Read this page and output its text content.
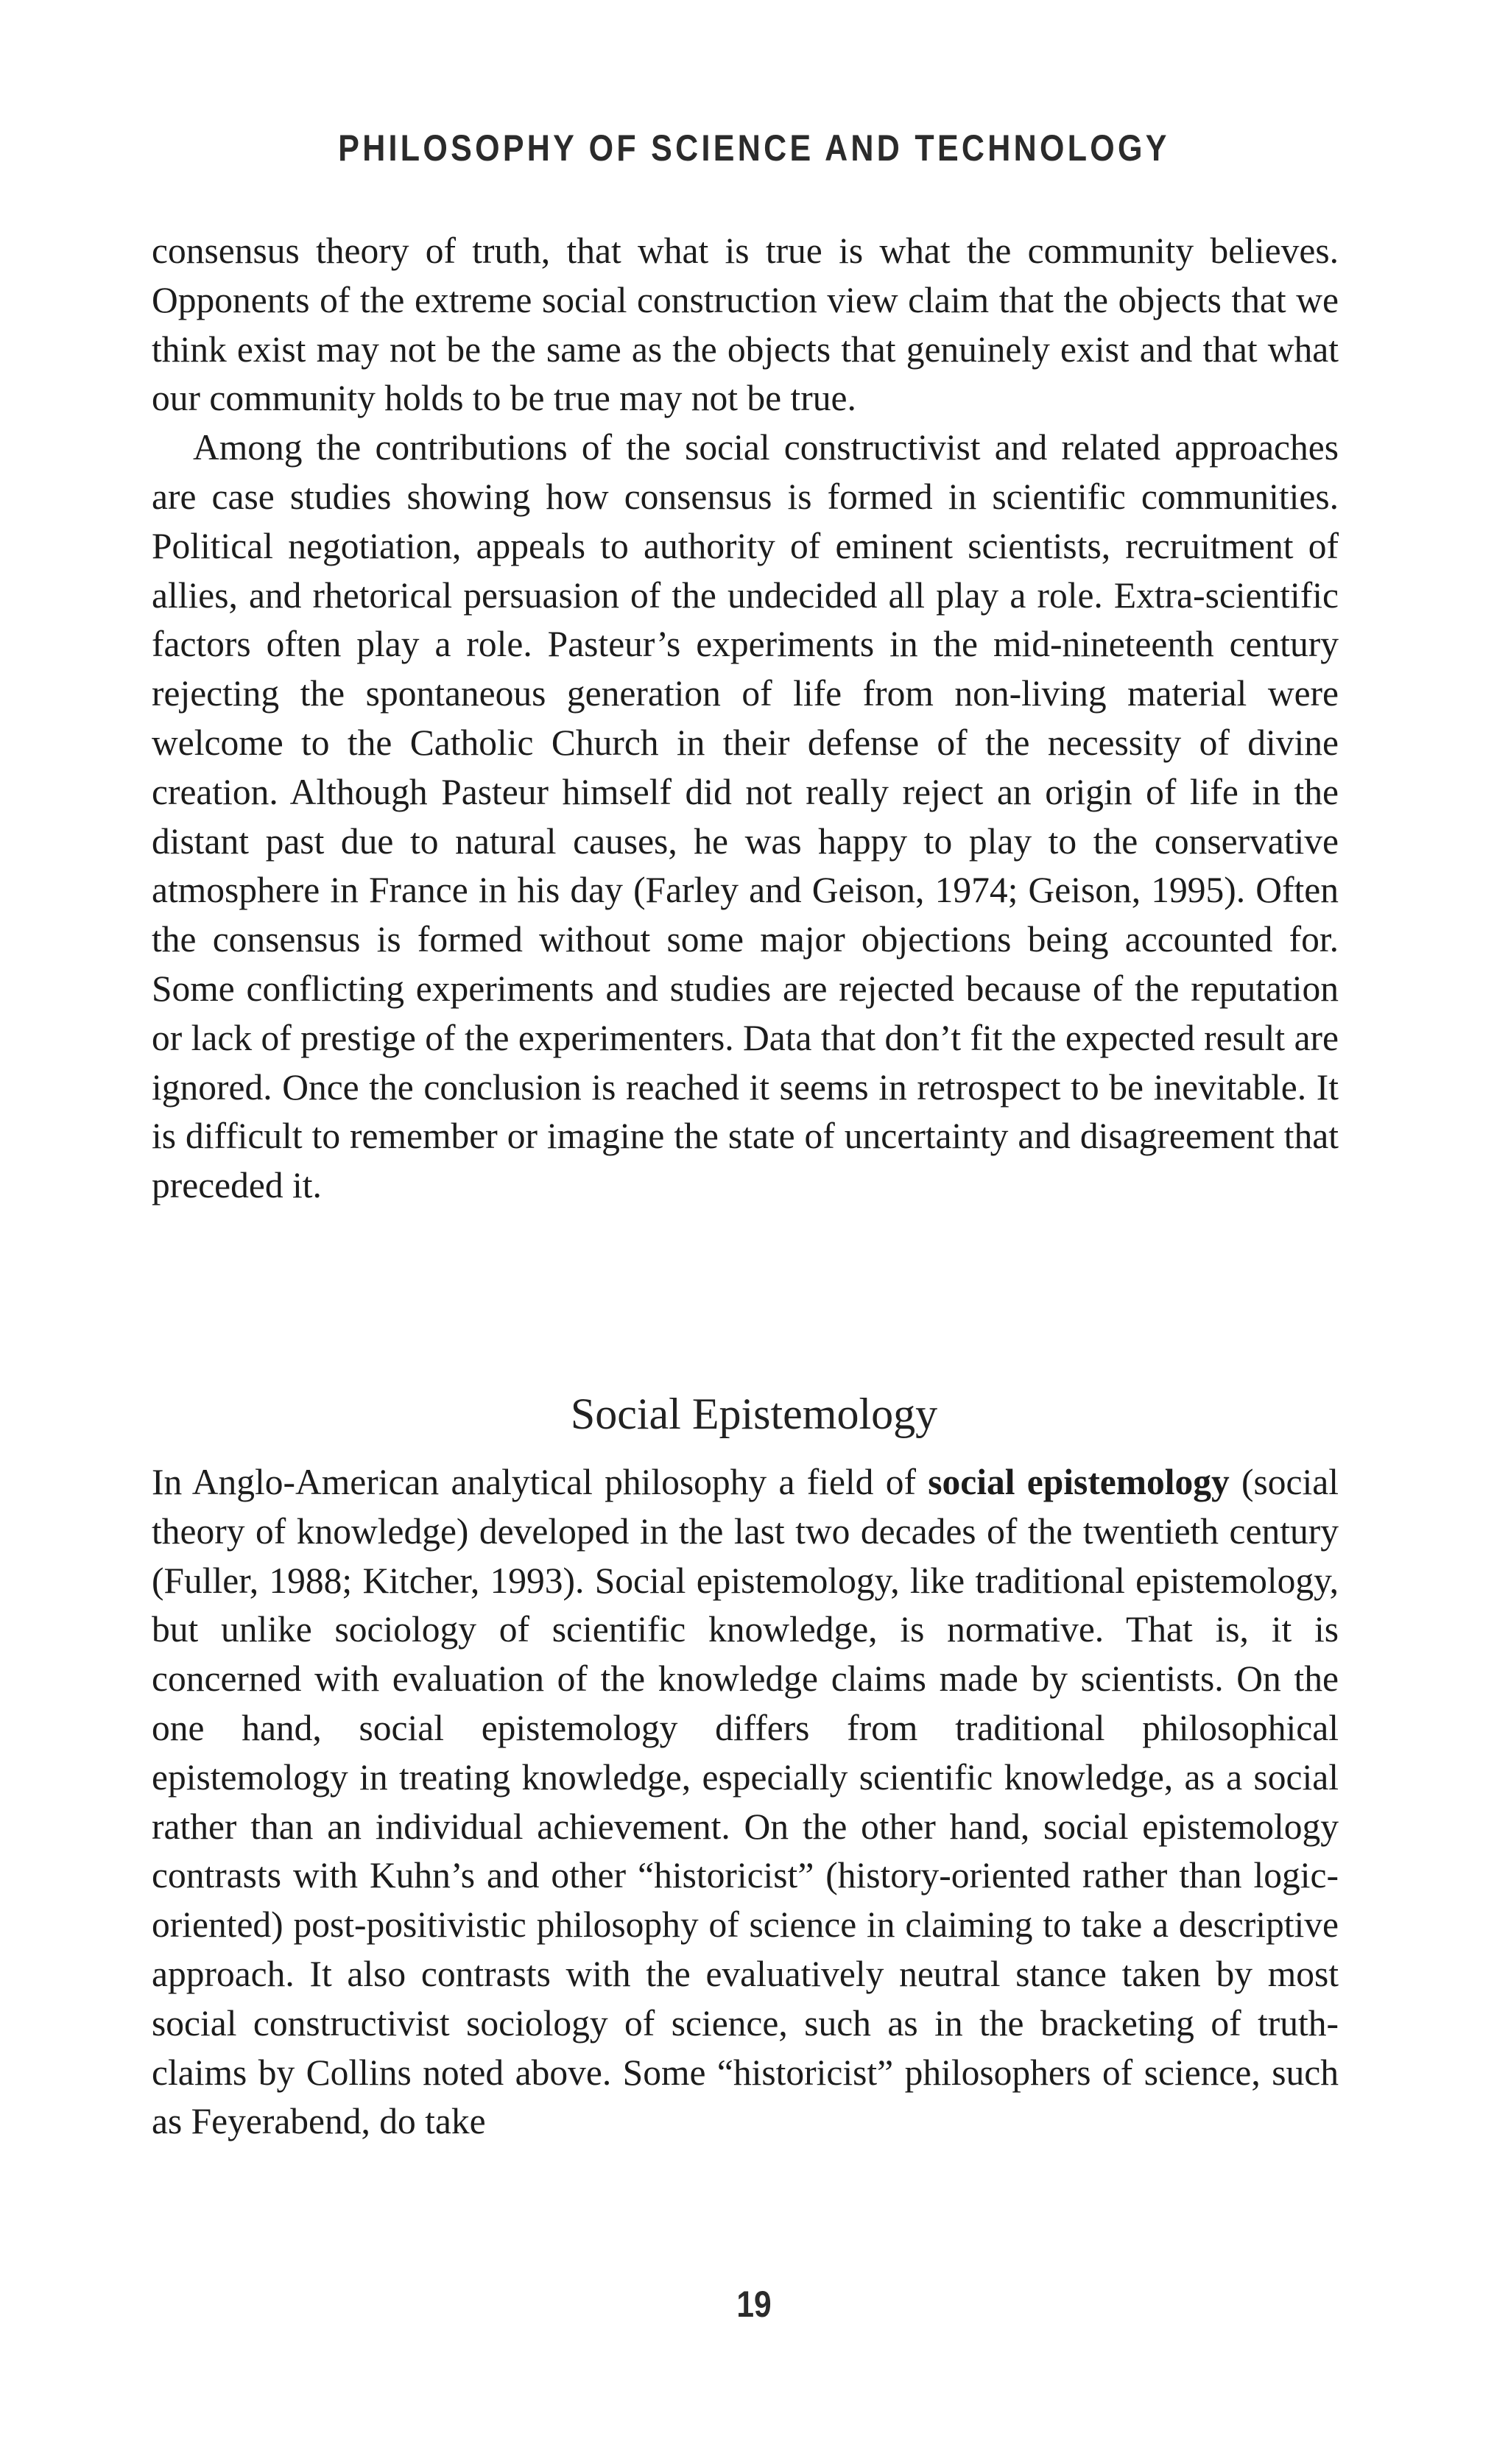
PHILOSOPHY OF SCIENCE AND TECHNOLOGY

consensus theory of truth, that what is true is what the community believes. Opponents of the extreme social construction view claim that the objects that we think exist may not be the same as the objects that genuinely exist and that what our community holds to be true may not be true.

Among the contributions of the social constructivist and related approaches are case studies showing how consensus is formed in scientific communities. Political negotiation, appeals to authority of eminent scientists, recruitment of allies, and rhetorical persuasion of the undecided all play a role. Extra-scientific factors often play a role. Pasteur’s experiments in the mid-nineteenth century rejecting the spontaneous generation of life from non-living material were welcome to the Catholic Church in their defense of the necessity of divine creation. Although Pasteur himself did not really reject an origin of life in the distant past due to natural causes, he was happy to play to the conservative atmosphere in France in his day (Farley and Geison, 1974; Geison, 1995). Often the consensus is formed without some major objections being accounted for. Some conflicting experiments and studies are rejected because of the reputation or lack of prestige of the experimenters. Data that don’t fit the expected result are ignored. Once the conclusion is reached it seems in retrospect to be inevitable. It is difficult to remember or imagine the state of uncertainty and disagreement that preceded it.

Social Epistemology

In Anglo-American analytical philosophy a field of social epistemology (social theory of knowledge) developed in the last two decades of the twentieth century (Fuller, 1988; Kitcher, 1993). Social epistemology, like traditional epistemology, but unlike sociology of scientific knowledge, is normative. That is, it is concerned with evaluation of the knowledge claims made by scientists. On the one hand, social epistemology differs from traditional philosophical epistemology in treating knowledge, especially scientific knowledge, as a social rather than an individual achievement. On the other hand, social epistemology contrasts with Kuhn’s and other “historicist” (history-oriented rather than logic-oriented) post-positivistic philosophy of science in claiming to take a descriptive approach. It also contrasts with the evaluatively neutral stance taken by most social constructivist sociology of science, such as in the bracketing of truth-claims by Collins noted above. Some “historicist” philosophers of science, such as Feyerabend, do take

19
